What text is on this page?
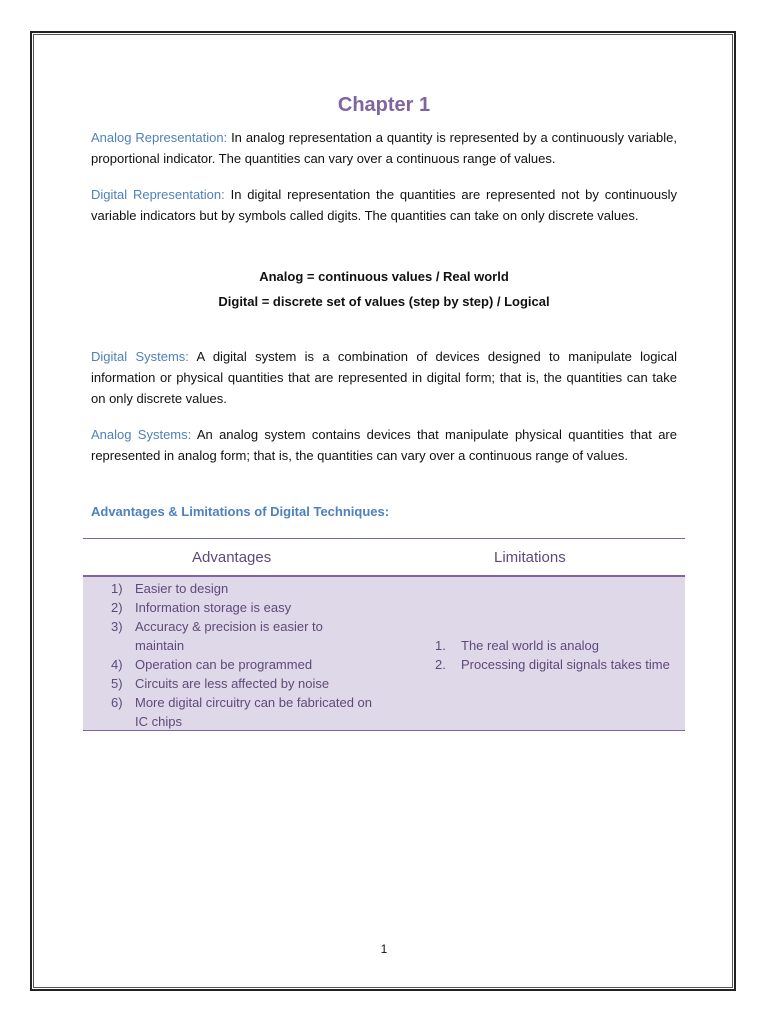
Chapter 1

Analog Representation: In analog representation a quantity is represented by a continuously variable, proportional indicator. The quantities can vary over a continuous range of values.

Digital Representation: In digital representation the quantities are represented not by continuously variable indicators but by symbols called digits. The quantities can take on only discrete values.

Analog = continuous values / Real world
Digital = discrete set of values (step by step) / Logical

Digital Systems: A digital system is a combination of devices designed to manipulate logical information or physical quantities that are represented in digital form; that is, the quantities can take on only discrete values.

Analog Systems: An analog system contains devices that manipulate physical quantities that are represented in analog form; that is, the quantities can vary over a continuous range of values.

Advantages & Limitations of Digital Techniques:
Advantages	Limitations
1) Easier to design
2) Information storage is easy
3) Accuracy & precision is easier to maintain
4) Operation can be programmed
5) Circuits are less affected by noise
6) More digital circuitry can be fabricated on IC chips
1. The real world is analog
2. Processing digital signals takes time
1
